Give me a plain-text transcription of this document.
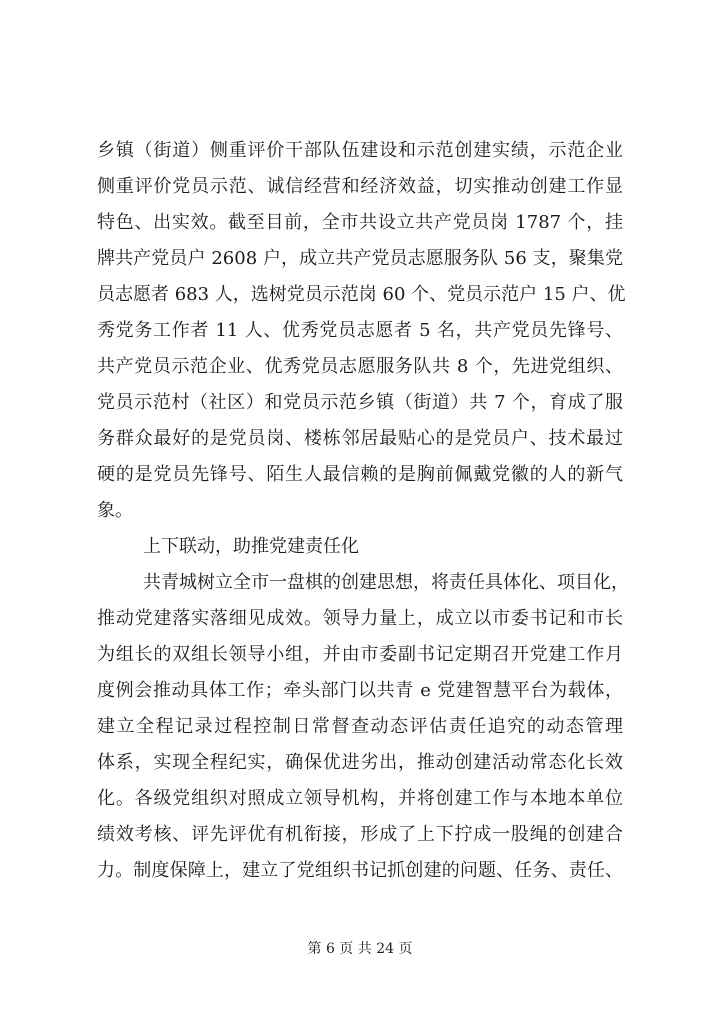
乡镇（街道）侧重评价干部队伍建设和示范创建实绩，示范企业
侧重评价党员示范、诚信经营和经济效益，切实推动创建工作显
特色、出实效。截至目前，全市共设立共产党员岗 1787 个，挂
牌共产党员户 2608 户，成立共产党员志愿服务队 56 支，聚集党
员志愿者 683 人，选树党员示范岗 60 个、党员示范户 15 户、优
秀党务工作者 11 人、优秀党员志愿者 5 名，共产党员先锋号、
共产党员示范企业、优秀党员志愿服务队共 8 个，先进党组织、
党员示范村（社区）和党员示范乡镇（街道）共 7 个，育成了服
务群众最好的是党员岗、楼栋邻居最贴心的是党员户、技术最过
硬的是党员先锋号、陌生人最信赖的是胸前佩戴党徽的人的新气
象。
上下联动，助推党建责任化
共青城树立全市一盘棋的创建思想，将责任具体化、项目化，
推动党建落实落细见成效。领导力量上，成立以市委书记和市长
为组长的双组长领导小组，并由市委副书记定期召开党建工作月
度例会推动具体工作；牵头部门以共青 e 党建智慧平台为载体，
建立全程记录过程控制日常督查动态评估责任追究的动态管理
体系，实现全程纪实，确保优进劣出，推动创建活动常态化长效
化。各级党组织对照成立领导机构，并将创建工作与本地本单位
绩效考核、评先评优有机衔接，形成了上下拧成一股绳的创建合
力。制度保障上，建立了党组织书记抓创建的问题、任务、责任、
第 6 页 共 24 页
